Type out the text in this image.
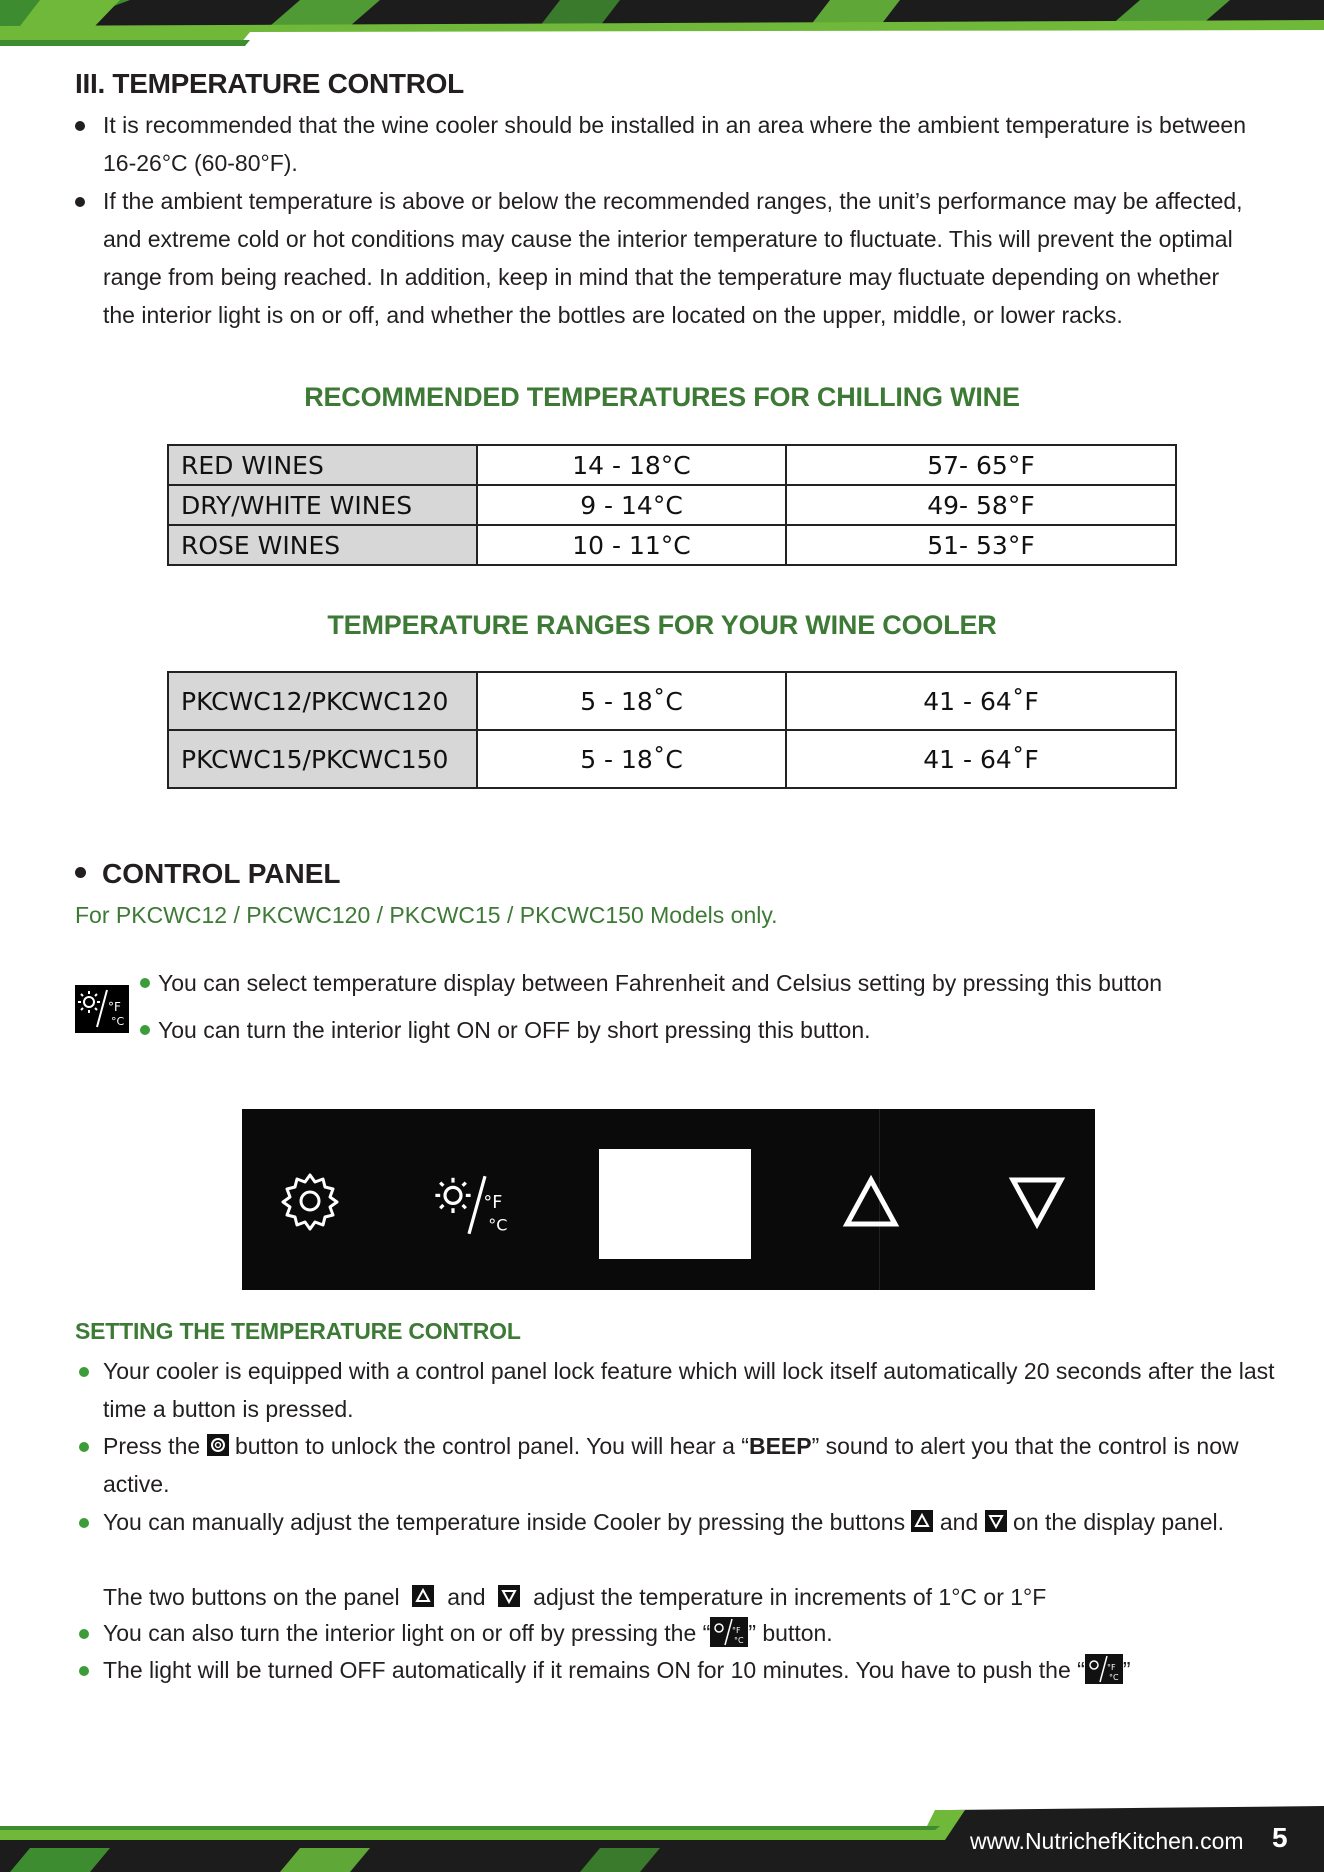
III. TEMPERATURE CONTROL
It is recommended that the wine cooler should be installed in an area where the ambient temperature is between 16-26°C (60-80°F).
If the ambient temperature is above or below the recommended ranges, the unit’s performance may be affected, and extreme cold or hot conditions may cause the interior temperature to fluctuate. This will prevent the optimal range from being reached. In addition, keep in mind that the temperature may fluctuate depending on whether the interior light is on or off, and whether the bottles are located on the upper, middle, or lower racks.
RECOMMENDED TEMPERATURES FOR CHILLING WINE
RED WINES	14 - 18°C	57- 65°F
DRY/WHITE WINES	9 - 14°C	49- 58°F
ROSE WINES	10 - 11°C	51- 53°F
TEMPERATURE RANGES FOR YOUR WINE COOLER
PKCWC12/PKCWC120	5 - 18˚C	41 - 64˚F
PKCWC15/PKCWC150	5 - 18˚C	41 - 64˚F
CONTROL PANEL
For PKCWC12 / PKCWC120 / PKCWC15 / PKCWC150 Models only.
°F
°C
You can select temperature display between Fahrenheit and Celsius setting by pressing this button
You can turn the interior light ON or OFF by short pressing this button.
°F
°C
SETTING THE TEMPERATURE CONTROL
Your cooler is equipped with a control panel lock feature which will lock itself automatically 20 seconds after the last time a button is pressed.
Press the button to unlock the control panel. You will hear a “BEEP” sound to alert you that the control is now active.
You can manually adjust the temperature inside Cooler by pressing the buttons and on the display panel.
The two buttons on the panel and adjust the temperature in increments of 1°C or 1°F
You can also turn the interior light on or off by pressing the “	°F
°C ” button.
The light will be turned OFF automatically if it remains ON for 10 minutes. You have to push the “	°F
°C ”
www.NutrichefKitchen.com 5
